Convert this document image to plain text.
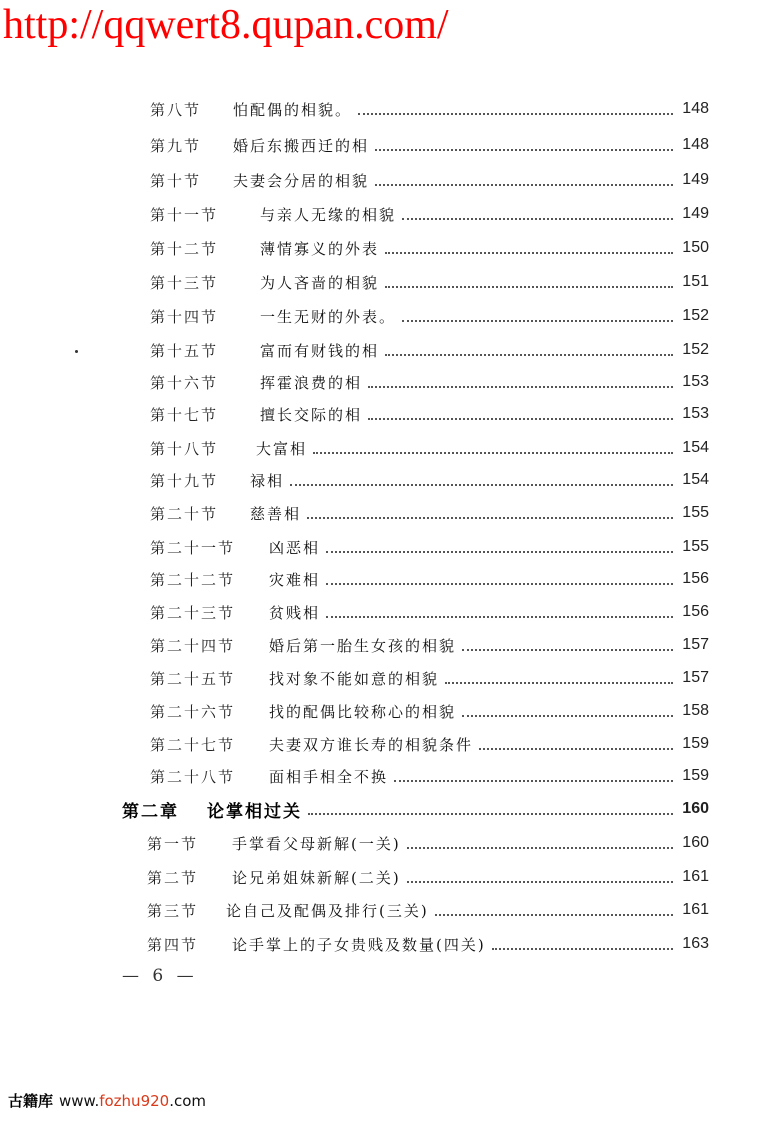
http://qqwert8.qupan.com/
第八节 怕配偶的相貌。	148
第九节 婚后东搬西迁的相	148
第十节 夫妻会分居的相貌	149
第十一节	与亲人无缘的相貌	149
第十二节	薄情寡义的外表	150
第十三节	为人吝啬的相貌	151
第十四节	一生无财的外表。	152
第十五节	富而有财钱的相	152
第十六节	挥霍浪费的相	153
第十七节	擅长交际的相	153
第十八节	大富相	154
第十九节 禄相	154
第二十节 慈善相	155
第二十一节 凶恶相	155
第二十二节 灾难相	156
第二十三节 贫贱相	156
第二十四节 婚后第一胎生女孩的相貌	157
第二十五节 找对象不能如意的相貌	157
第二十六节 找的配偶比较称心的相貌	158
第二十七节 夫妻双方谁长寿的相貌条件	159
第二十八节 面相手相全不换	159
第二章 论掌相过关	160
第一节 手掌看父母新解(一关)	160
第二节 论兄弟姐妹新解(二关)	161
第三节 论自己及配偶及排行(三关)	161
第四节 论手掌上的子女贵贱及数量(四关)	163
— 6 —
古籍库 www.fozhu920.com
